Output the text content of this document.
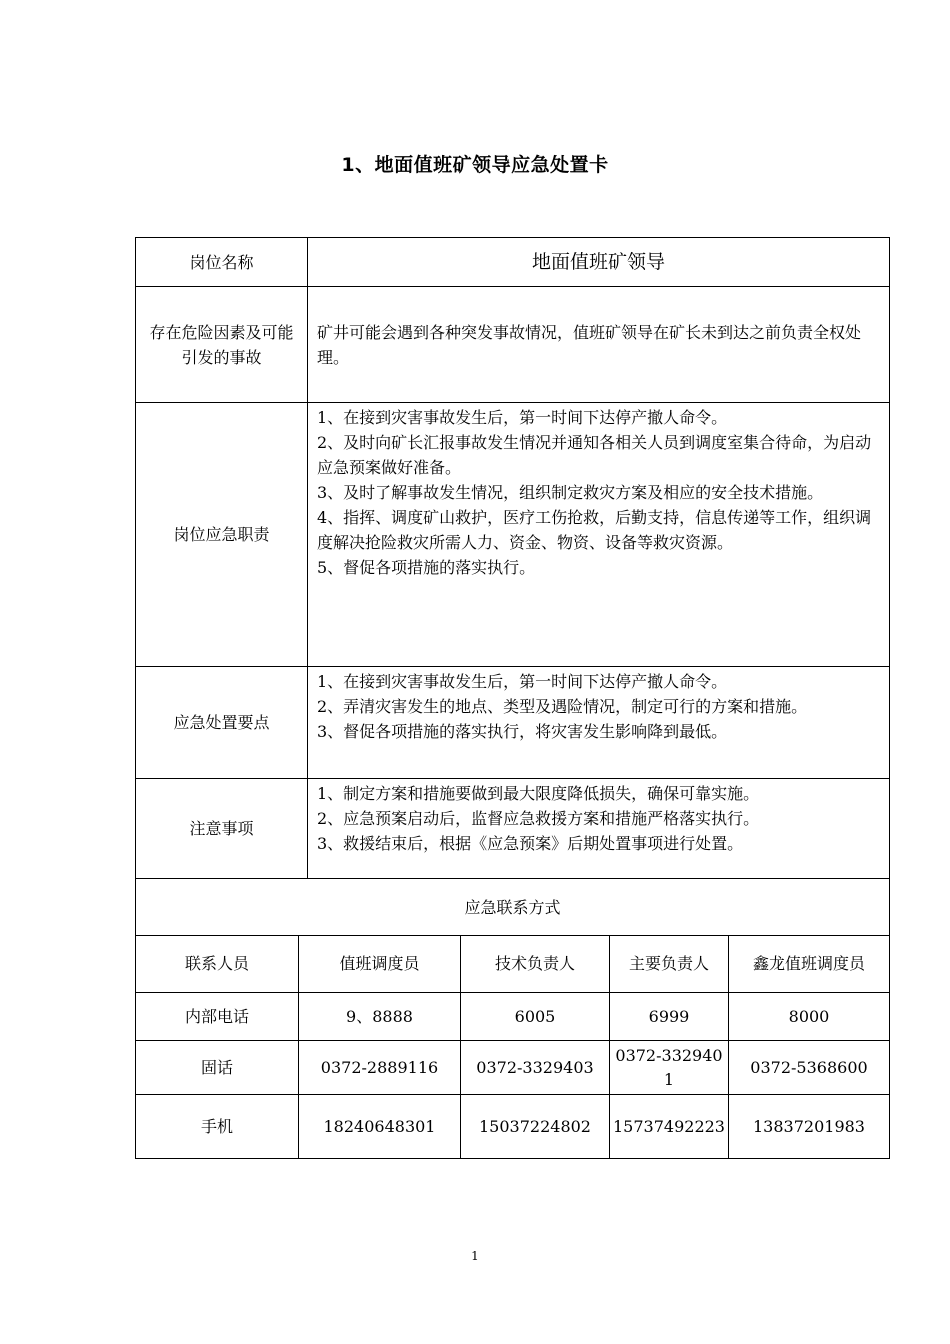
1、地面值班矿领导应急处置卡
岗位名称	地面值班矿领导
存在危险因素及可能引发的事故	矿井可能会遇到各种突发事故情况，值班矿领导在矿长未到达之前负责全权处理。

岗位应急职责	1、在接到灾害事故发生后，第一时间下达停产撤人命令。
2、及时向矿长汇报事故发生情况并通知各相关人员到调度室集合待命，为启动应急预案做好准备。
3、及时了解事故发生情况，组织制定救灾方案及相应的安全技术措施。
4、指挥、调度矿山救护，医疗工伤抢救，后勤支持，信息传递等工作，组织调度解决抢险救灾所需人力、资金、物资、设备等救灾资源。
5、督促各项措施的落实执行。

应急处置要点	1、在接到灾害事故发生后，第一时间下达停产撤人命令。
2、弄清灾害发生的地点、类型及遇险情况，制定可行的方案和措施。
3、督促各项措施的落实执行，将灾害发生影响降到最低。

注意事项	1、制定方案和措施要做到最大限度降低损失，确保可靠实施。
2、应急预案启动后，监督应急救援方案和措施严格落实执行。
3、救援结束后，根据《应急预案》后期处置事项进行处置。

应急联系方式	
联系人员	值班调度员	技术负责人	主要负责人	鑫龙值班调度员
内部电话	9、8888	6005	6999	8000
固话	0372-2889116	0372-3329403	0372-3329401	0372-5368600
手机	18240648301	15037224802	15737492223	13837201983
1
